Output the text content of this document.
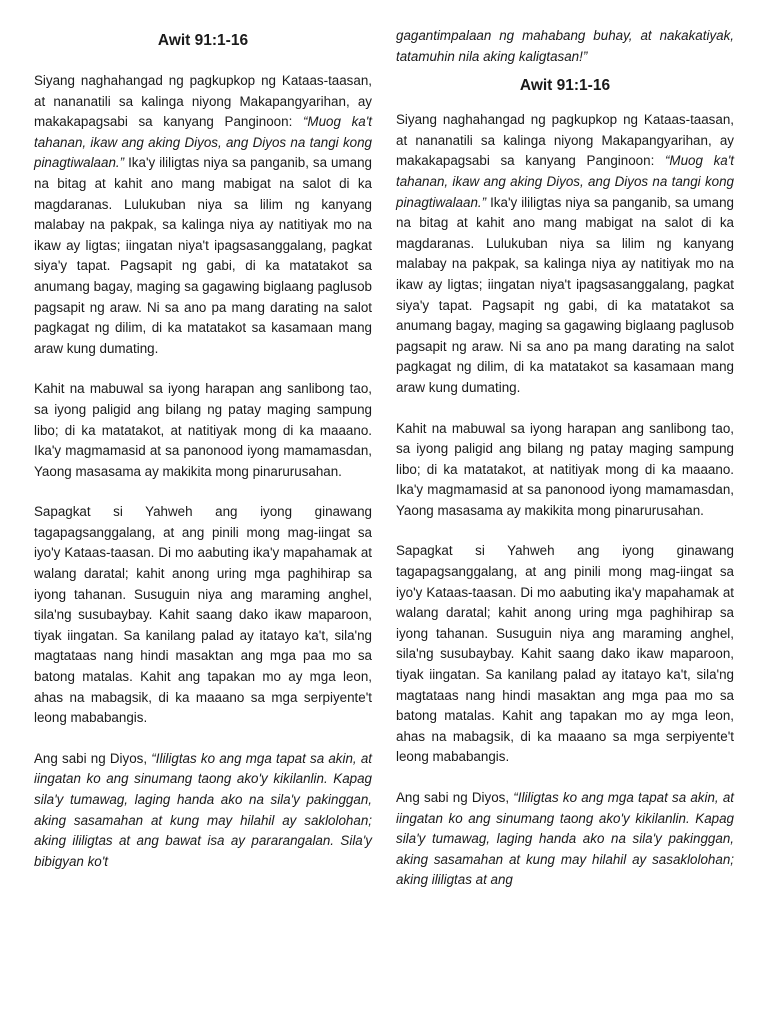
Awit 91:1-16

Siyang naghahangad ng pagkupkop ng Kataas-taasan, at nananatili sa kalinga niyong Makapangyarihan, ay makakapagsabi sa kanyang Panginoon: “Muog ka't tahanan, ikaw ang aking Diyos, ang Diyos na tangi kong pinagtiwalaan.” Ika'y ililigtas niya sa panganib, sa umang na bitag at kahit ano mang mabigat na salot di ka magdaranas. Lulukuban niya sa lilim ng kanyang malabay na pakpak, sa kalinga niya ay natitiyak mo na ikaw ay ligtas; iingatan niya't ipagsasanggalang, pagkat siya'y tapat. Pagsapit ng gabi, di ka matatakot sa anumang bagay, maging sa gagawing biglaang paglusob pagsapit ng araw. Ni sa ano pa mang darating na salot pagkagat ng dilim, di ka matatakot sa kasamaan mang araw kung dumating.

Kahit na mabuwal sa iyong harapan ang sanlibong tao, sa iyong paligid ang bilang ng patay maging sampung libo; di ka matatakot, at natitiyak mong di ka maaano. Ika'y magmamasid at sa panonood iyong mamamasdan, Yaong masasama ay makikita mong pinarurusahan.

Sapagkat si Yahweh ang iyong ginawang tagapagsanggalang, at ang pinili mong mag-iingat sa iyo'y Kataas-taasan. Di mo aabuting ika'y mapahamak at walang daratal; kahit anong uring mga paghihirap sa iyong tahanan. Susuguin niya ang maraming anghel, sila'ng susubaybay. Kahit saang dako ikaw maparoon, tiyak iingatan. Sa kanilang palad ay itatayo ka't, sila'ng magtataas nang hindi masaktan ang mga paa mo sa batong matalas. Kahit ang tapakan mo ay mga leon, ahas na mabagsik, di ka maaano sa mga serpiyente't leong mababangis.

Ang sabi ng Diyos, “Ililigtas ko ang mga tapat sa akin, at iingatan ko ang sinumang taong ako'y kikilanlin. Kapag sila'y tumawag, laging handa ako na sila'y pakinggan, aking sasamahan at kung may hilahil ay saklolohan; aking ililigtas at ang bawat isa ay pararangalan. Sila'y bibigyan ko't

gagantimpalaan ng mahabang buhay, at nakakatiyak, tatamuhin nila aking kaligtasan!”

Awit 91:1-16

Siyang naghahangad ng pagkupkop ng Kataas-taasan, at nananatili sa kalinga niyong Makapangyarihan, ay makakapagsabi sa kanyang Panginoon: “Muog ka't tahanan, ikaw ang aking Diyos, ang Diyos na tangi kong pinagtiwalaan.” Ika'y ililigtas niya sa panganib, sa umang na bitag at kahit ano mang mabigat na salot di ka magdaranas. Lulukuban niya sa lilim ng kanyang malabay na pakpak, sa kalinga niya ay natitiyak mo na ikaw ay ligtas; iingatan niya't ipagsasanggalang, pagkat siya'y tapat. Pagsapit ng gabi, di ka matatakot sa anumang bagay, maging sa gagawing biglaang paglusob pagsapit ng araw. Ni sa ano pa mang darating na salot pagkagat ng dilim, di ka matatakot sa kasamaan mang araw kung dumating.

Kahit na mabuwal sa iyong harapan ang sanlibong tao, sa iyong paligid ang bilang ng patay maging sampung libo; di ka matatakot, at natitiyak mong di ka maaano. Ika'y magmamasid at sa panonood iyong mamamasdan, Yaong masasama ay makikita mong pinarurusahan.

Sapagkat si Yahweh ang iyong ginawang tagapagsanggalang, at ang pinili mong mag-iingat sa iyo'y Kataas-taasan. Di mo aabuting ika'y mapahamak at walang daratal; kahit anong uring mga paghihirap sa iyong tahanan. Susuguin niya ang maraming anghel, sila'ng susubaybay. Kahit saang dako ikaw maparoon, tiyak iingatan. Sa kanilang palad ay itatayo ka't, sila'ng magtataas nang hindi masaktan ang mga paa mo sa batong matalas. Kahit ang tapakan mo ay mga leon, ahas na mabagsik, di ka maaano sa mga serpiyente't leong mababangis.

Ang sabi ng Diyos, “Ililigtas ko ang mga tapat sa akin, at iingatan ko ang sinumang taong ako'y kikilanlin. Kapag sila'y tumawag, laging handa ako na sila'y pakinggan, aking sasamahan at kung may hilahil ay sasaklolohan; aking ililigtas at ang
